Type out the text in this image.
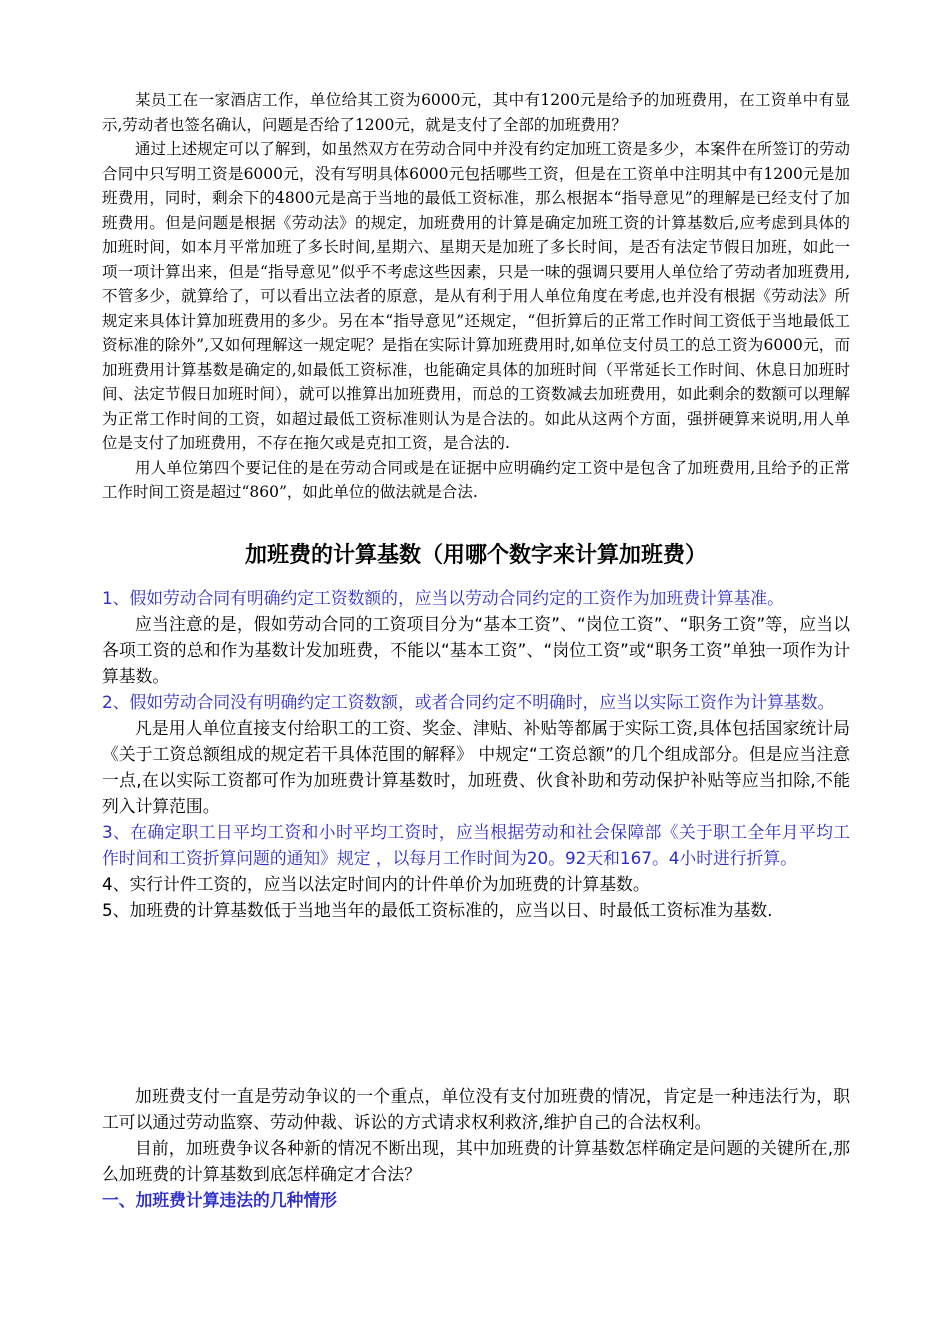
某员工在一家酒店工作，单位给其工资为6000元，其中有1200元是给予的加班费用，在工资单中有显示,劳动者也签名确认，问题是否给了1200元，就是支付了全部的加班费用？

通过上述规定可以了解到，如虽然双方在劳动合同中并没有约定加班工资是多少，本案件在所签订的劳动合同中只写明工资是6000元，没有写明具体6000元包括哪些工资，但是在工资单中注明其中有1200元是加班费用，同时，剩余下的4800元是高于当地的最低工资标准，那么根据本“指导意见”的理解是已经支付了加班费用。但是问题是根据《劳动法》的规定，加班费用的计算是确定加班工资的计算基数后,应考虑到具体的加班时间，如本月平常加班了多长时间,星期六、星期天是加班了多长时间，是否有法定节假日加班，如此一项一项计算出来，但是“指导意见”似乎不考虑这些因素，只是一味的强调只要用人单位给了劳动者加班费用,不管多少，就算给了，可以看出立法者的原意，是从有利于用人单位角度在考虑,也并没有根据《劳动法》所规定来具体计算加班费用的多少。另在本“指导意见”还规定，“但折算后的正常工作时间工资低于当地最低工资标准的除外”,又如何理解这一规定呢？是指在实际计算加班费用时,如单位支付员工的总工资为6000元，而加班费用计算基数是确定的,如最低工资标准，也能确定具体的加班时间（平常延长工作时间、休息日加班时间、法定节假日加班时间），就可以推算出加班费用，而总的工资数减去加班费用，如此剩余的数额可以理解为正常工作时间的工资，如超过最低工资标准则认为是合法的。如此从这两个方面，强拼硬算来说明,用人单位是支付了加班费用，不存在拖欠或是克扣工资，是合法的.

用人单位第四个要记住的是在劳动合同或是在证据中应明确约定工资中是包含了加班费用,且给予的正常工作时间工资是超过“860”，如此单位的做法就是合法.

加班费的计算基数（用哪个数字来计算加班费）

1、假如劳动合同有明确约定工资数额的，应当以劳动合同约定的工资作为加班费计算基准。

应当注意的是，假如劳动合同的工资项目分为“基本工资”、“岗位工资”、“职务工资”等，应当以各项工资的总和作为基数计发加班费，不能以“基本工资”、“岗位工资”或“职务工资”单独一项作为计算基数。

2、假如劳动合同没有明确约定工资数额，或者合同约定不明确时，应当以实际工资作为计算基数。

凡是用人单位直接支付给职工的工资、奖金、津贴、补贴等都属于实际工资,具体包括国家统计局《关于工资总额组成的规定若干具体范围的解释》 中规定“工资总额”的几个组成部分。但是应当注意一点,在以实际工资都可作为加班费计算基数时，加班费、伙食补助和劳动保护补贴等应当扣除,不能列入计算范围。

3、在确定职工日平均工资和小时平均工资时，应当根据劳动和社会保障部《关于职工全年月平均工作时间和工资折算问题的通知》规定 ，以每月工作时间为20。92天和167。4小时进行折算。

4、实行计件工资的，应当以法定时间内的计件单价为加班费的计算基数。

5、加班费的计算基数低于当地当年的最低工资标准的，应当以日、时最低工资标准为基数.

加班费支付一直是劳动争议的一个重点，单位没有支付加班费的情况，肯定是一种违法行为，职工可以通过劳动监察、劳动仲裁、诉讼的方式请求权利救济,维护自己的合法权利。

目前，加班费争议各种新的情况不断出现，其中加班费的计算基数怎样确定是问题的关键所在,那么加班费的计算基数到底怎样确定才合法？

一、加班费计算违法的几种情形
